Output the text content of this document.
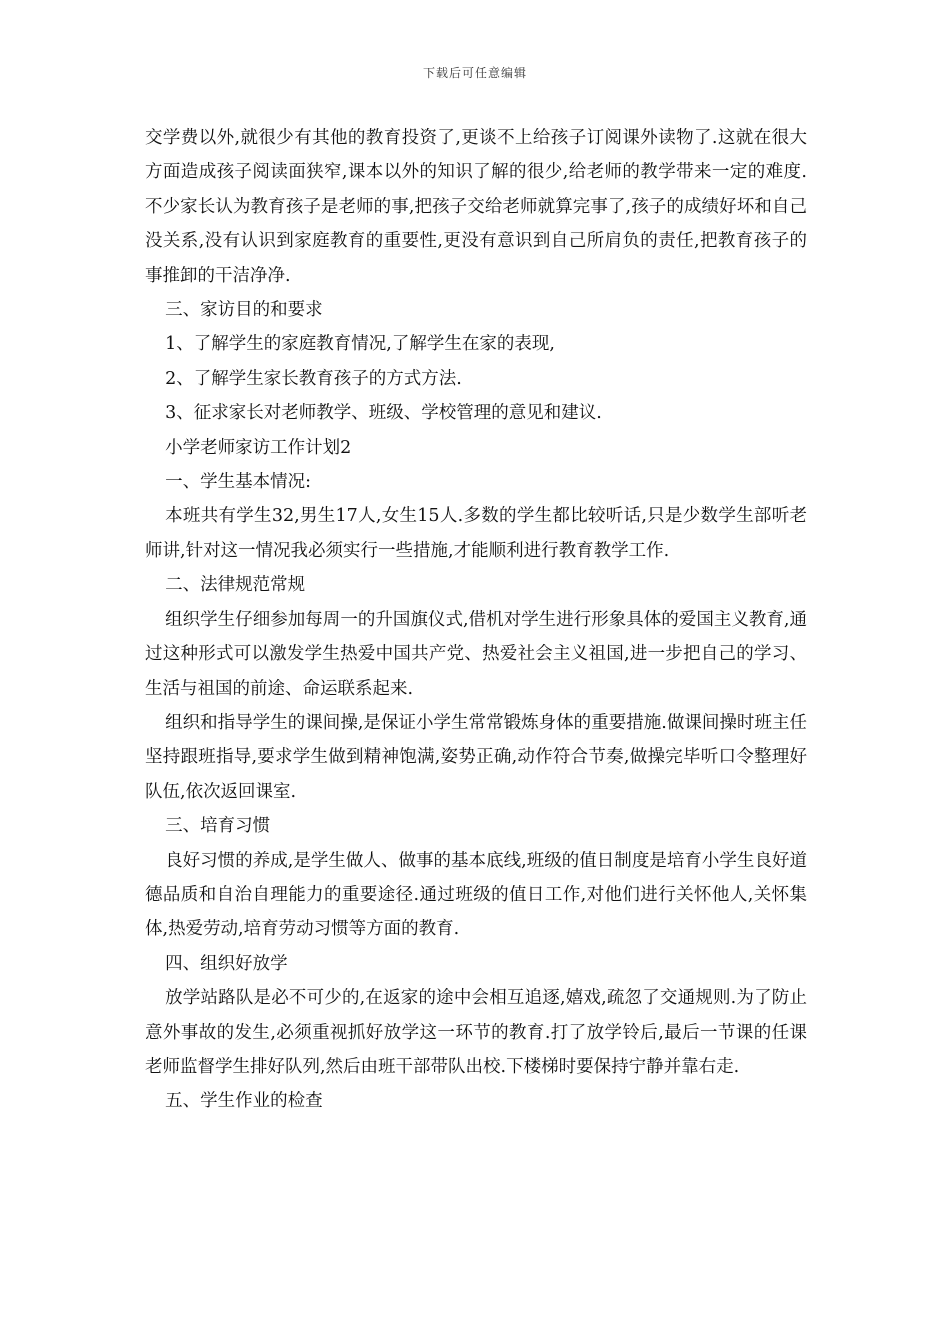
下载后可任意编辑

交学费以外,就很少有其他的教育投资了,更谈不上给孩子订阅课外读物了.这就在很大方面造成孩子阅读面狭窄,课本以外的知识了解的很少,给老师的教学带来一定的难度.不少家长认为教育孩子是老师的事,把孩子交给老师就算完事了,孩子的成绩好坏和自己没关系,没有认识到家庭教育的重要性,更没有意识到自己所肩负的责任,把教育孩子的事推卸的干洁净净.

三、家访目的和要求

1、了解学生的家庭教育情况,了解学生在家的表现,

2、了解学生家长教育孩子的方式方法.

3、征求家长对老师教学、班级、学校管理的意见和建议.

小学老师家访工作计划2

一、学生基本情况:

本班共有学生32,男生17人,女生15人.多数的学生都比较听话,只是少数学生部听老师讲,针对这一情况我必须实行一些措施,才能顺利进行教育教学工作.

二、法律规范常规

组织学生仔细参加每周一的升国旗仪式,借机对学生进行形象具体的爱国主义教育,通过这种形式可以激发学生热爱中国共产党、热爱社会主义祖国,进一步把自己的学习、生活与祖国的前途、命运联系起来.

组织和指导学生的课间操,是保证小学生常常锻炼身体的重要措施.做课间操时班主任坚持跟班指导,要求学生做到精神饱满,姿势正确,动作符合节奏,做操完毕听口令整理好队伍,依次返回课室.

三、培育习惯

良好习惯的养成,是学生做人、做事的基本底线,班级的值日制度是培育小学生良好道德品质和自治自理能力的重要途径.通过班级的值日工作,对他们进行关怀他人,关怀集体,热爱劳动,培育劳动习惯等方面的教育.

四、组织好放学

放学站路队是必不可少的,在返家的途中会相互追逐,嬉戏,疏忽了交通规则.为了防止意外事故的发生,必须重视抓好放学这一环节的教育.打了放学铃后,最后一节课的任课老师监督学生排好队列,然后由班干部带队出校.下楼梯时要保持宁静并靠右走.

五、学生作业的检查
